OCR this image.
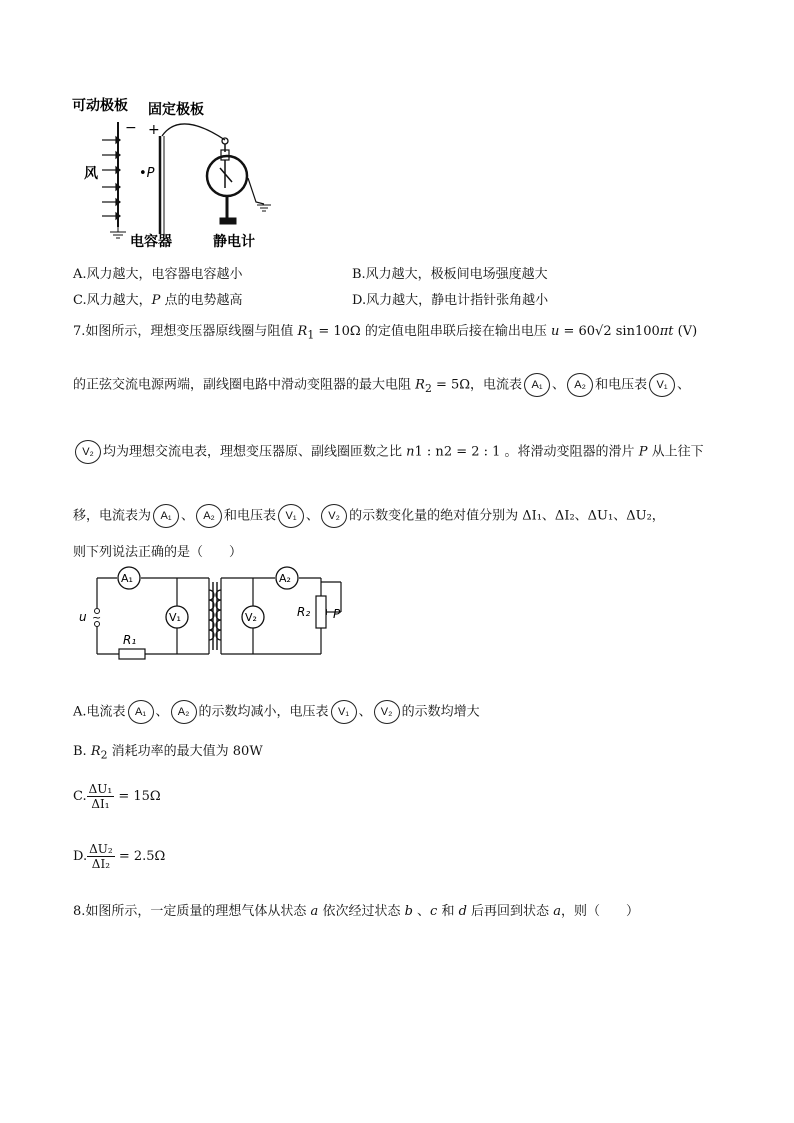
可动极板 固定极板
− +
风	•P
电容器	静电计
A.风力越大，电容器电容越小	B.风力越大，极板间电场强度越大
C.风力越大，P 点的电势越高	D.风力越大，静电计指针张角越小
7.如图所示，理想变压器原线圈与阻值 $R_1 = 10\Omega$ 的定值电阻串联后接在输出电压 u = 60√2 sin100πt (V)
的正弦交流电源两端，副线圈电路中滑动变阻器的最大电阻 $R_2 = 5\Omega$，电流表 A₁ 、 A₂ 和电压表 V₁ 、
V₂ 均为理想交流电表，理想变压器原、副线圈匝数之比 n1 : n2 = 2 : 1 。将滑动变阻器的滑片 P 从上往下
移，电流表为 A₁ 、 A₂ 和电压表 V₁ 、 V₂ 的示数变化量的绝对值分别为 ΔI₁、ΔI₂、ΔU₁、ΔU₂，
则下列说法正确的是（　　）
u ~
A₁
V₁
R₁
A₂
V₂	R₂ P
A.电流表 A₁ 、 A₂ 的示数均减小，电压表 V₁ 、 V₂ 的示数均增大
B. $R_2$ 消耗功率的最大值为 80W
C. $\frac{\text{ΔU₁}}{\text{ΔI₁}} = 15\Omega$
D. $\frac{\text{ΔU₂}}{\text{ΔI₂}} = 2.5\Omega$
8.如图所示，一定质量的理想气体从状态 a 依次经过状态 b 、c 和 d 后再回到状态 a，则（　　）
